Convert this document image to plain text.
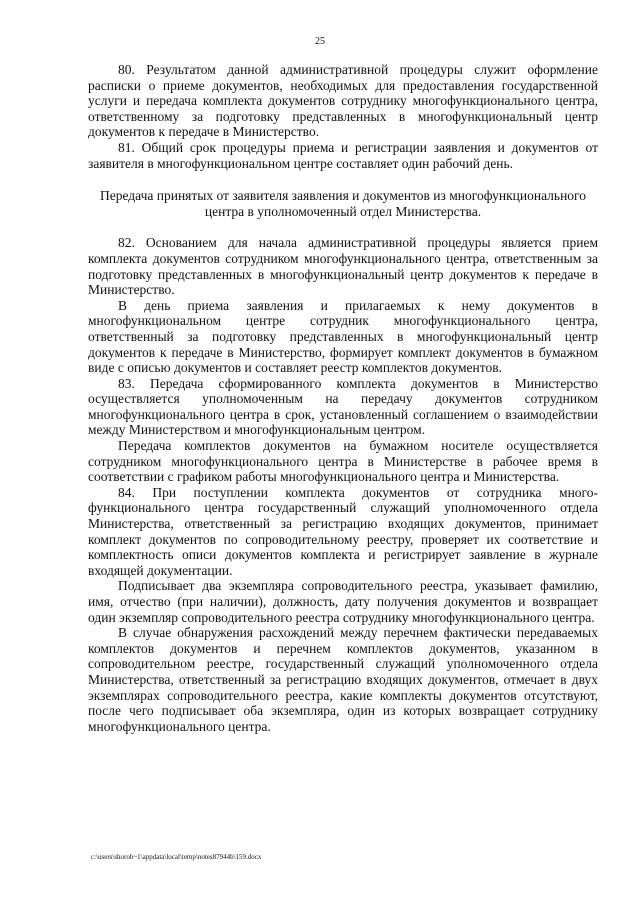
25

80. Результатом данной административной процедуры служит оформление расписки о приеме документов, необходимых для предоставления государственной услуги и передача комплекта документов сотруднику многофункционального центра, ответственному за подготовку представленных в многофункциональный центр документов к передаче в Министерство.

81. Общий срок процедуры приема и регистрации заявления и документов от заявителя в многофункциональном центре составляет один рабочий день.

Передача принятых от заявителя заявления и документов из многофункционального центра в уполномоченный отдел Министерства.

82. Основанием для начала административной процедуры является прием комплекта документов сотрудником многофункционального центра, ответственным за подготовку представленных в многофункциональный центр документов к передаче в Министерство.

В день приема заявления и прилагаемых к нему документов в многофункциональном центре сотрудник многофункционального центра, ответственный за подготовку представленных в многофункциональный центр документов к передаче в Министерство, формирует комплект документов в бумажном виде с описью документов и составляет реестр комплектов документов.

83. Передача сформированного комплекта документов в Министерство осуществляется уполномоченным на передачу документов сотрудником многофункционального центра в срок, установленный соглашением о взаимодействии между Министерством и многофункциональным центром.

Передача комплектов документов на бумажном носителе осуществляется сотрудником многофункционального центра в Министерстве в рабочее время в соответствии с графиком работы многофункционального центра и Министерства.

84. При поступлении комплекта документов от сотрудника много-функционального центра государственный служащий уполномоченного отдела Министерства, ответственный за регистрацию входящих документов, принимает комплект документов по сопроводительному реестру, проверяет их соответствие и комплектность описи документов комплекта и регистрирует заявление в журнале входящей документации.

Подписывает два экземпляра сопроводительного реестра, указывает фамилию, имя, отчество (при наличии), должность, дату получения документов и возвращает один экземпляр сопроводительного реестра сотруднику многофункционального центра.

В случае обнаружения расхождений между перечнем фактически передаваемых комплектов документов и перечнем комплектов документов, указанном в сопроводительном реестре, государственный служащий уполномоченного отдела Министерства, ответственный за регистрацию входящих документов, отмечает в двух экземплярах сопроводительного реестра, какие комплекты документов отсутствуют, после чего подписывает оба экземпляра, один из которых возвращает сотруднику многофункционального центра.

c:\users\shorob~1\appdata\local\temp\notes87944b\159.docx
